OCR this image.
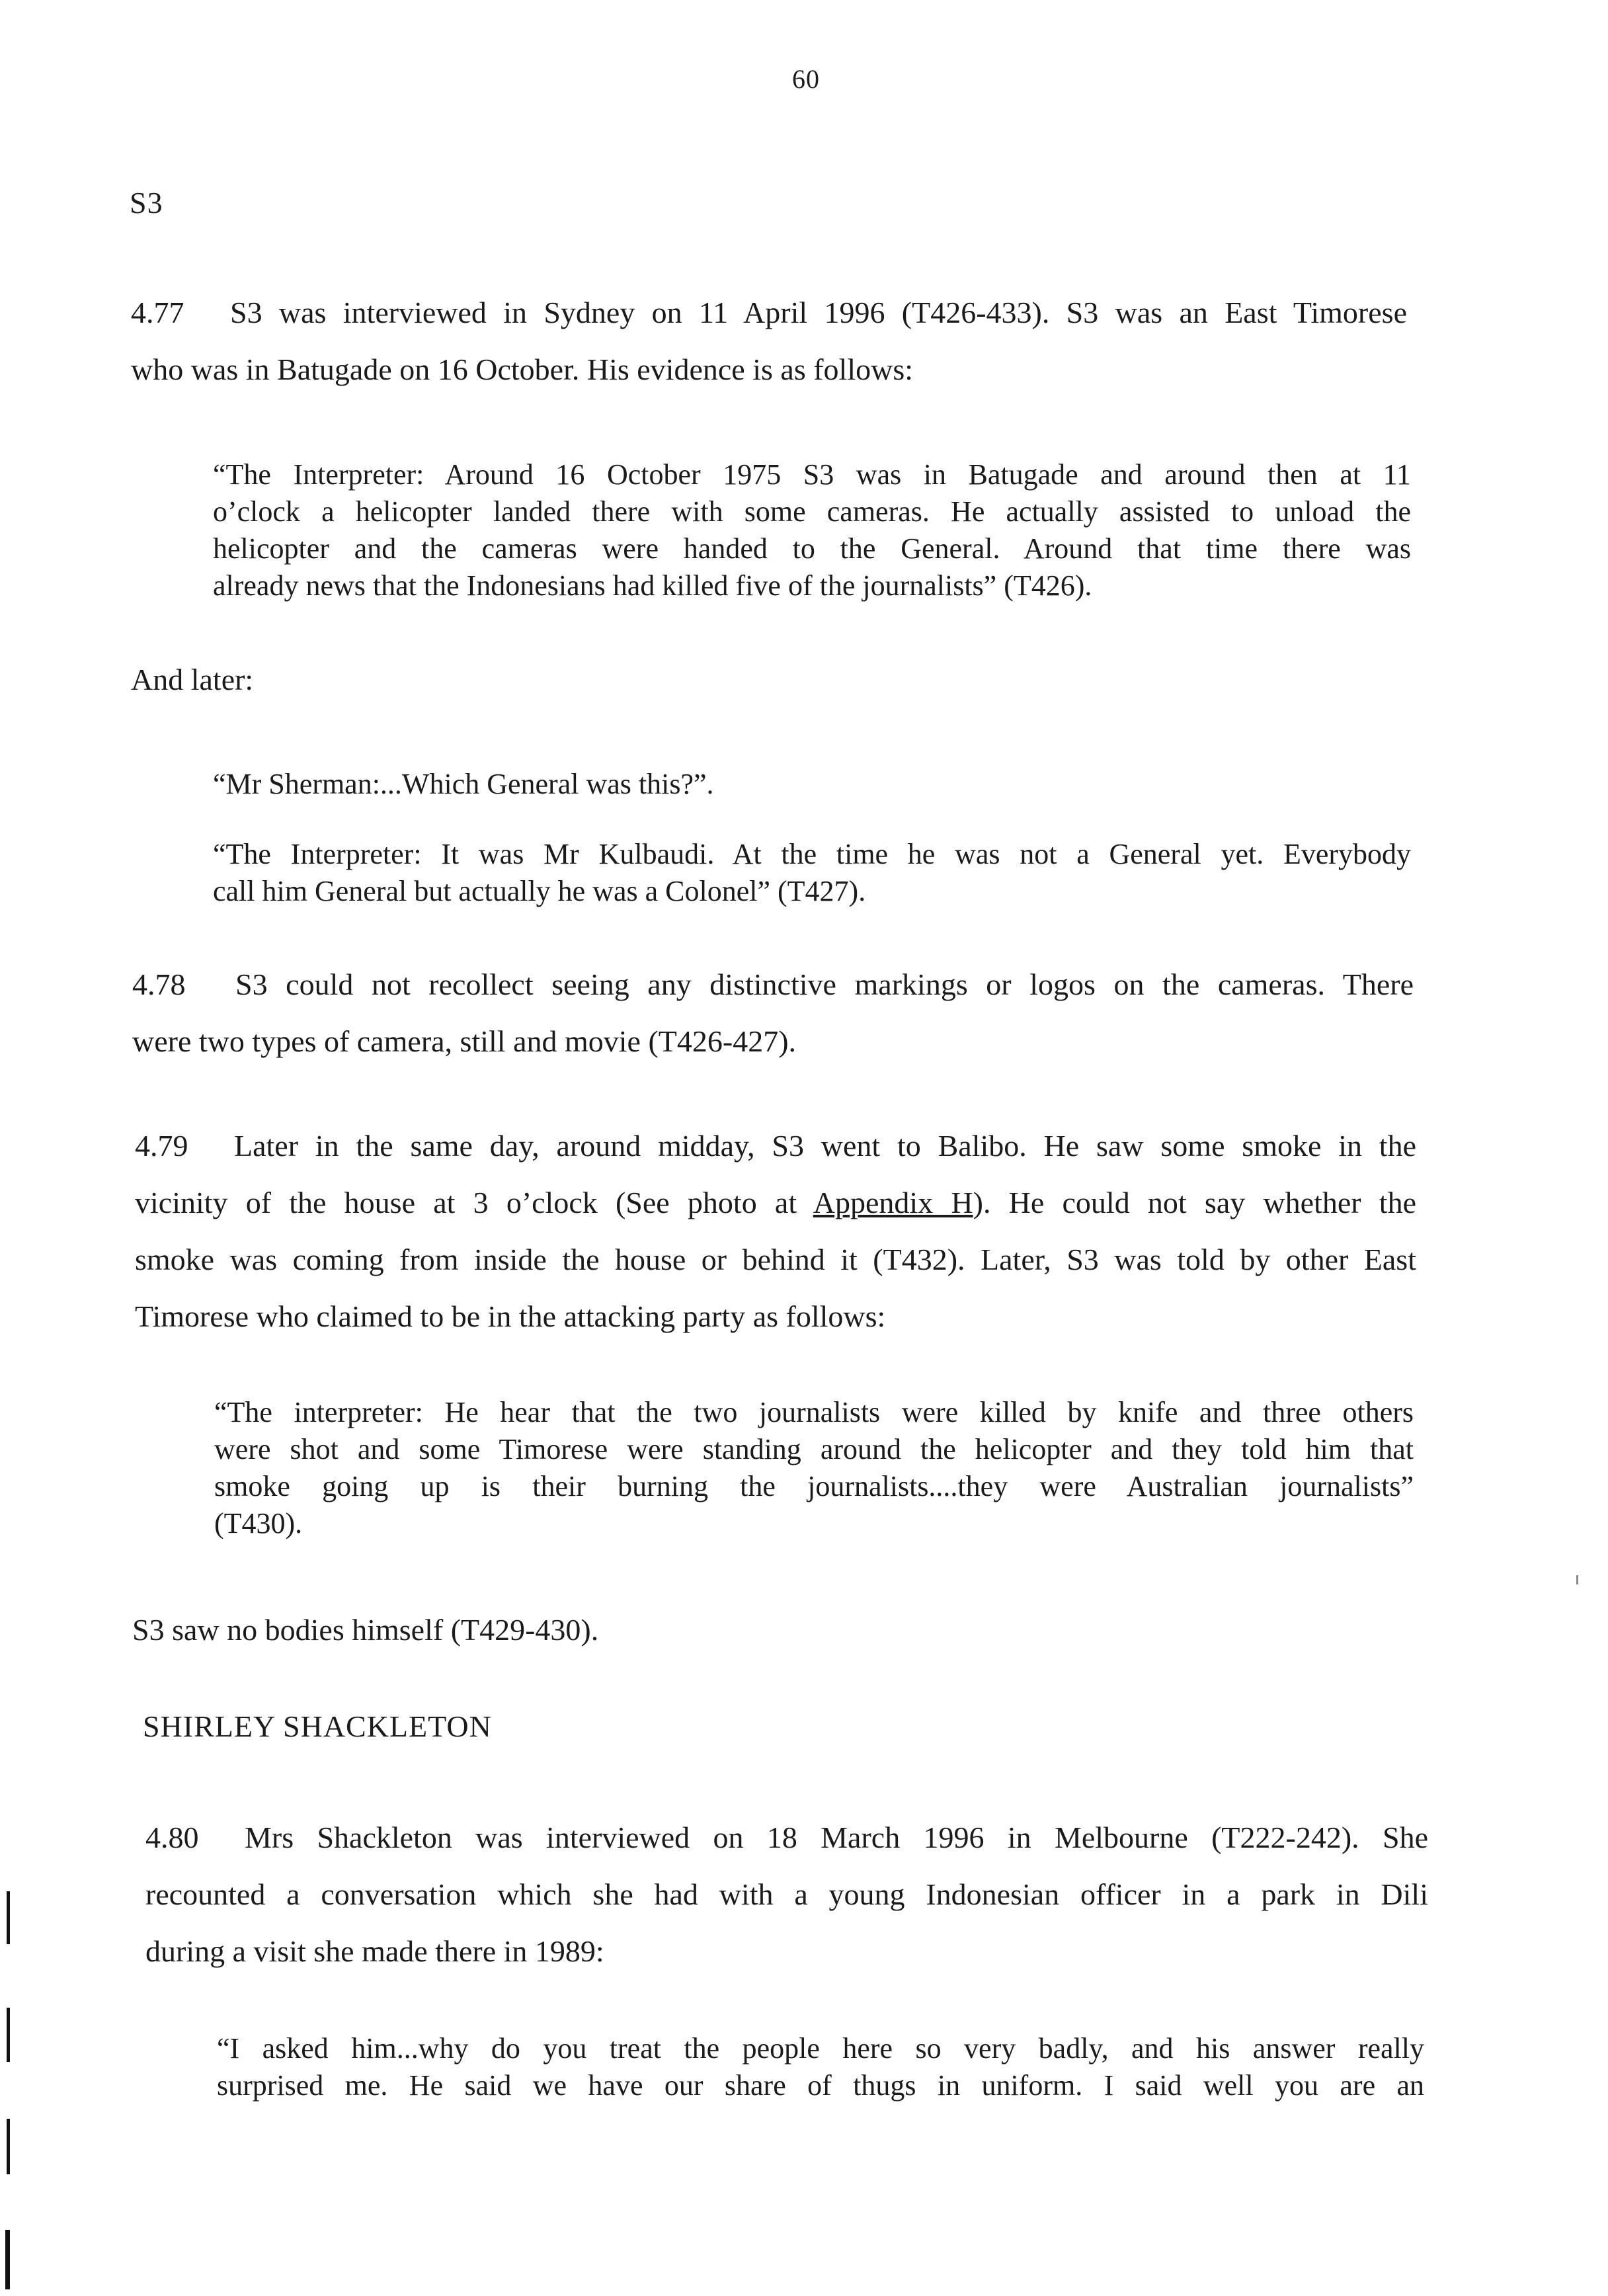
60
S3
4.77 S3 was interviewed in Sydney on 11 April 1996 (T426-433). S3 was an East Timorese
who was in Batugade on 16 October. His evidence is as follows:
“The Interpreter: Around 16 October 1975 S3 was in Batugade and around then at 11
o’clock a helicopter landed there with some cameras. He actually assisted to unload the
helicopter and the cameras were handed to the General. Around that time there was
already news that the Indonesians had killed five of the journalists” (T426).
And later:
“Mr Sherman:...Which General was this?”.
“The Interpreter: It was Mr Kulbaudi. At the time he was not a General yet. Everybody
call him General but actually he was a Colonel” (T427).
4.78 S3 could not recollect seeing any distinctive markings or logos on the cameras. There
were two types of camera, still and movie (T426-427).
4.79 Later in the same day, around midday, S3 went to Balibo. He saw some smoke in the
vicinity of the house at 3 o’clock (See photo at Appendix H). He could not say whether the
smoke was coming from inside the house or behind it (T432). Later, S3 was told by other East
Timorese who claimed to be in the attacking party as follows:
“The interpreter: He hear that the two journalists were killed by knife and three others
were shot and some Timorese were standing around the helicopter and they told him that
smoke going up is their burning the journalists....they were Australian journalists”
(T430).
S3 saw no bodies himself (T429-430).
SHIRLEY SHACKLETON
4.80 Mrs Shackleton was interviewed on 18 March 1996 in Melbourne (T222-242). She
recounted a conversation which she had with a young Indonesian officer in a park in Dili
during a visit she made there in 1989:
“I asked him...why do you treat the people here so very badly, and his answer really
surprised me. He said we have our share of thugs in uniform. I said well you are an
